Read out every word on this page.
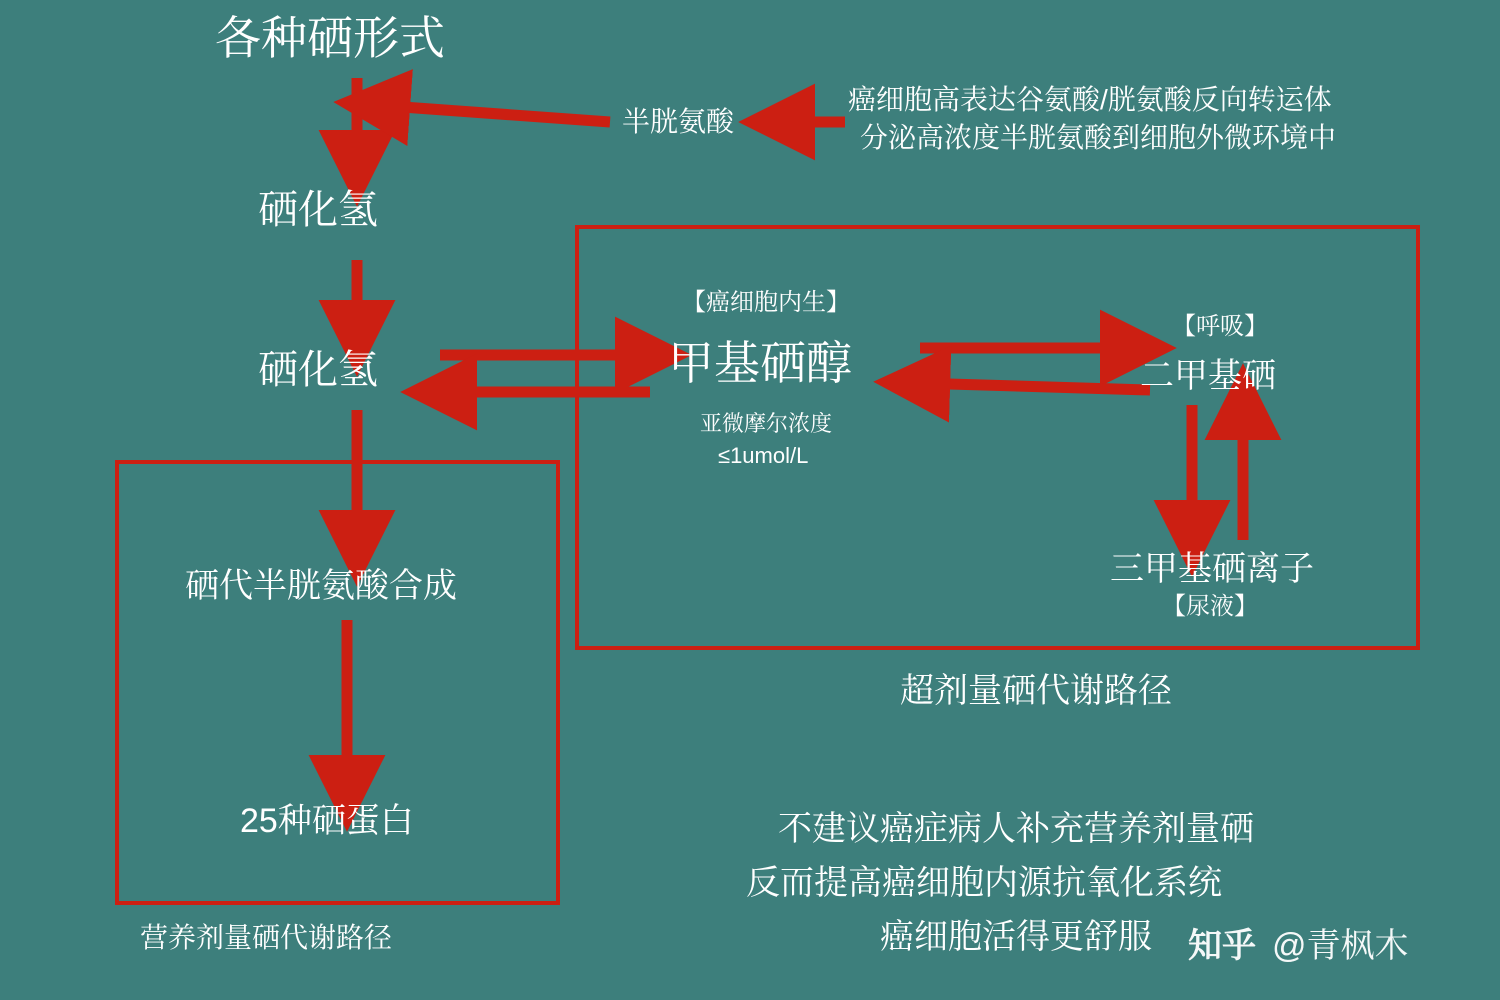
各种硒形式
硒化氢
硒化氢
半胱氨酸
癌细胞高表达谷氨酸/胱氨酸反向转运体
分泌高浓度半胱氨酸到细胞外微环境中
【癌细胞内生】
甲基硒醇
亚微摩尔浓度
≤1umol/L
【呼吸】
二甲基硒
三甲基硒离子
【尿液】
硒代半胱氨酸合成
25种硒蛋白
超剂量硒代谢路径
营养剂量硒代谢路径
不建议癌症病人补充营养剂量硒
反而提高癌细胞内源抗氧化系统
癌细胞活得更舒服 知乎 @青枫木
